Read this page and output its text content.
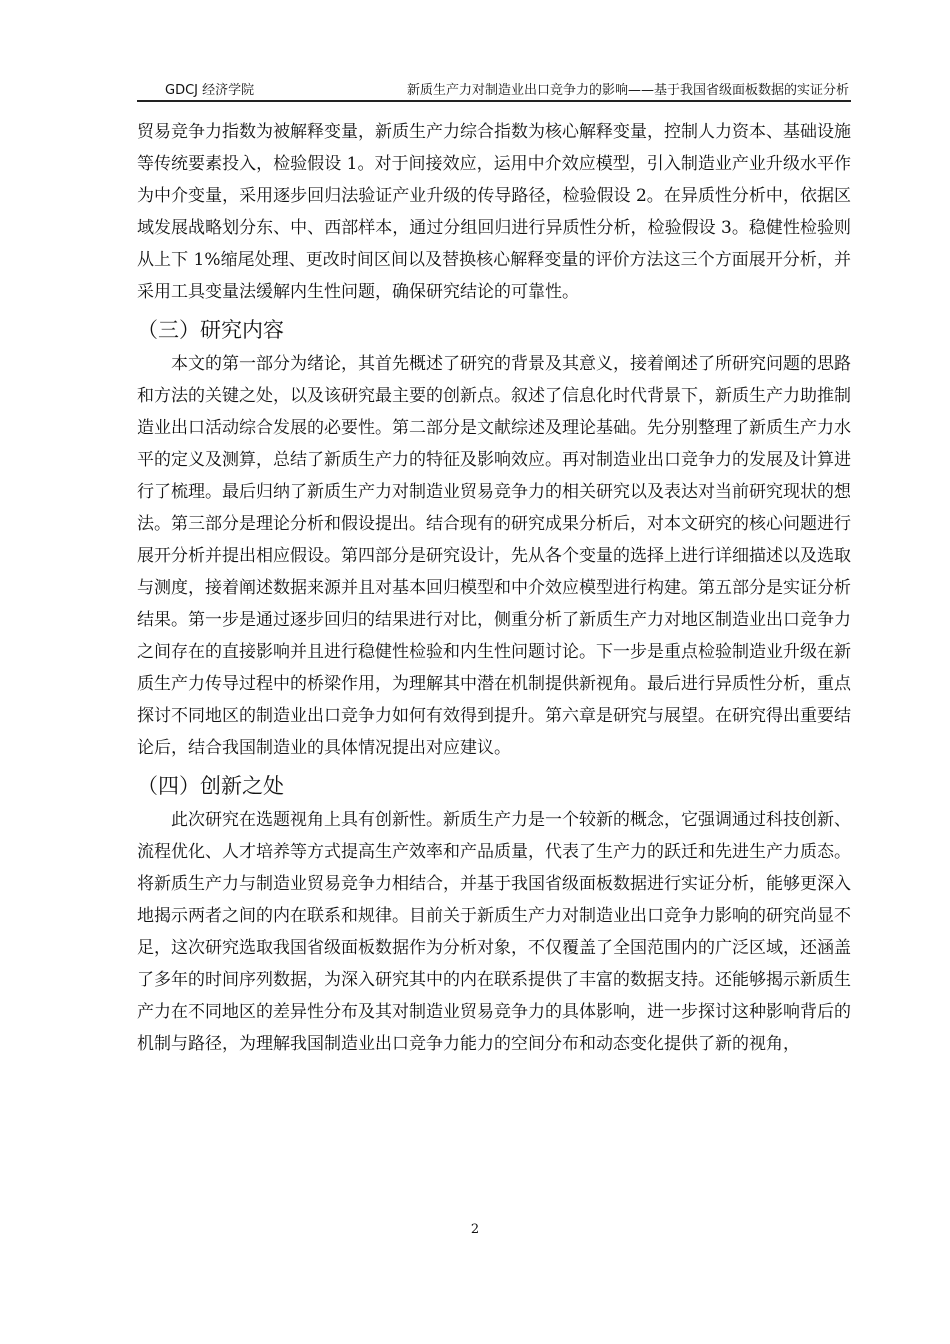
GDCJ 经济学院	新质生产力对制造业出口竞争力的影响——基于我国省级面板数据的实证分析

贸易竞争力指数为被解释变量，新质生产力综合指数为核心解释变量，控制人力资本、基础设施等传统要素投入，检验假设 1。对于间接效应，运用中介效应模型，引入制造业产业升级水平作为中介变量，采用逐步回归法验证产业升级的传导路径，检验假设 2。在异质性分析中，依据区域发展战略划分东、中、西部样本，通过分组回归进行异质性分析，检验假设 3。稳健性检验则从上下 1%缩尾处理、更改时间区间以及替换核心解释变量的评价方法这三个方面展开分析，并采用工具变量法缓解内生性问题，确保研究结论的可靠性。

（三）研究内容

本文的第一部分为绪论，其首先概述了研究的背景及其意义，接着阐述了所研究问题的思路和方法的关键之处，以及该研究最主要的创新点。叙述了信息化时代背景下，新质生产力助推制造业出口活动综合发展的必要性。第二部分是文献综述及理论基础。先分别整理了新质生产力水平的定义及测算，总结了新质生产力的特征及影响效应。再对制造业出口竞争力的发展及计算进行了梳理。最后归纳了新质生产力对制造业贸易竞争力的相关研究以及表达对当前研究现状的想法。第三部分是理论分析和假设提出。结合现有的研究成果分析后，对本文研究的核心问题进行展开分析并提出相应假设。第四部分是研究设计，先从各个变量的选择上进行详细描述以及选取与测度，接着阐述数据来源并且对基本回归模型和中介效应模型进行构建。第五部分是实证分析结果。第一步是通过逐步回归的结果进行对比，侧重分析了新质生产力对地区制造业出口竞争力之间存在的直接影响并且进行稳健性检验和内生性问题讨论。下一步是重点检验制造业升级在新质生产力传导过程中的桥梁作用，为理解其中潜在机制提供新视角。最后进行异质性分析，重点探讨不同地区的制造业出口竞争力如何有效得到提升。第六章是研究与展望。在研究得出重要结论后，结合我国制造业的具体情况提出对应建议。

（四）创新之处

此次研究在选题视角上具有创新性。新质生产力是一个较新的概念，它强调通过科技创新、流程优化、人才培养等方式提高生产效率和产品质量，代表了生产力的跃迁和先进生产力质态。将新质生产力与制造业贸易竞争力相结合，并基于我国省级面板数据进行实证分析，能够更深入地揭示两者之间的内在联系和规律。目前关于新质生产力对制造业出口竞争力影响的研究尚显不足，这次研究选取我国省级面板数据作为分析对象，不仅覆盖了全国范围内的广泛区域，还涵盖了多年的时间序列数据，为深入研究其中的内在联系提供了丰富的数据支持。还能够揭示新质生产力在不同地区的差异性分布及其对制造业贸易竞争力的具体影响，进一步探讨这种影响背后的机制与路径，为理解我国制造业出口竞争力能力的空间分布和动态变化提供了新的视角，

2
